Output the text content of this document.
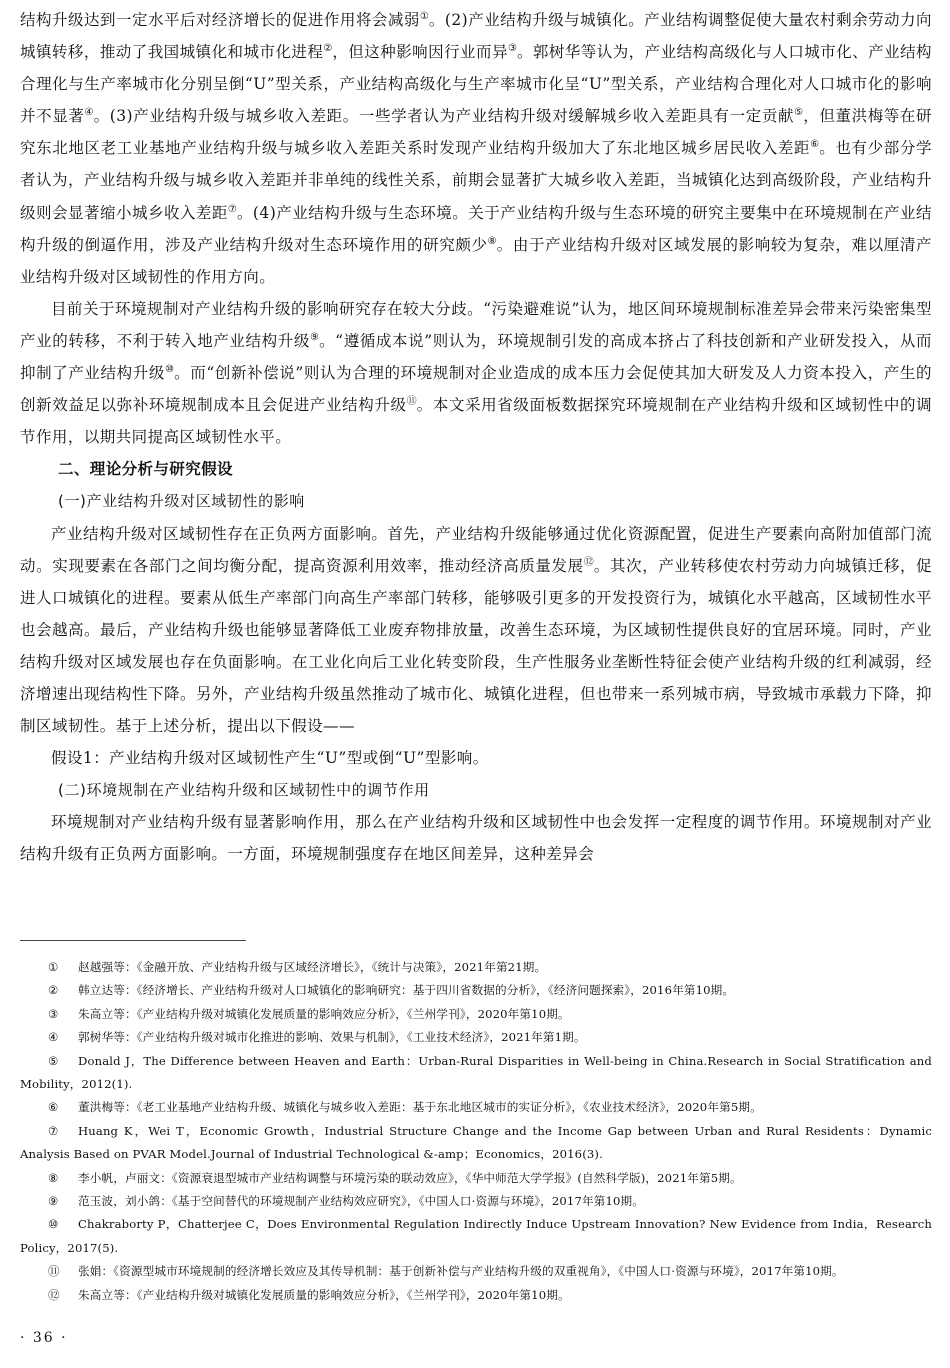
结构升级达到一定水平后对经济增长的促进作用将会减弱①。(2)产业结构升级与城镇化。产业结构调整促使大量农村剩余劳动力向城镇转移，推动了我国城镇化和城市化进程②，但这种影响因行业而异③。郭树华等认为，产业结构高级化与人口城市化、产业结构合理化与生产率城市化分别呈倒“U”型关系，产业结构高级化与生产率城市化呈“U”型关系，产业结构合理化对人口城市化的影响并不显著④。(3)产业结构升级与城乡收入差距。一些学者认为产业结构升级对缓解城乡收入差距具有一定贡献⑤，但董洪梅等在研究东北地区老工业基地产业结构升级与城乡收入差距关系时发现产业结构升级加大了东北地区城乡居民收入差距⑥。也有少部分学者认为，产业结构升级与城乡收入差距并非单纯的线性关系，前期会显著扩大城乡收入差距，当城镇化达到高级阶段，产业结构升级则会显著缩小城乡收入差距⑦。(4)产业结构升级与生态环境。关于产业结构升级与生态环境的研究主要集中在环境规制在产业结构升级的倒逼作用，涉及产业结构升级对生态环境作用的研究颇少⑧。由于产业结构升级对区域发展的影响较为复杂，难以厘清产业结构升级对区域韧性的作用方向。

目前关于环境规制对产业结构升级的影响研究存在较大分歧。“污染避难说”认为，地区间环境规制标准差异会带来污染密集型产业的转移，不利于转入地产业结构升级⑨。“遵循成本说”则认为，环境规制引发的高成本挤占了科技创新和产业研发投入，从而抑制了产业结构升级⑩。而“创新补偿说”则认为合理的环境规制对企业造成的成本压力会促使其加大研发及人力资本投入，产生的创新效益足以弥补环境规制成本且会促进产业结构升级⑪。本文采用省级面板数据探究环境规制在产业结构升级和区域韧性中的调节作用，以期共同提高区域韧性水平。

二、理论分析与研究假设

(一)产业结构升级对区域韧性的影响

产业结构升级对区域韧性存在正负两方面影响。首先，产业结构升级能够通过优化资源配置，促进生产要素向高附加值部门流动。实现要素在各部门之间均衡分配，提高资源利用效率，推动经济高质量发展⑫。其次，产业转移使农村劳动力向城镇迁移，促进人口城镇化的进程。要素从低生产率部门向高生产率部门转移，能够吸引更多的开发投资行为，城镇化水平越高，区域韧性水平也会越高。最后，产业结构升级也能够显著降低工业废弃物排放量，改善生态环境，为区域韧性提供良好的宜居环境。同时，产业结构升级对区域发展也存在负面影响。在工业化向后工业化转变阶段，生产性服务业垄断性特征会使产业结构升级的红利减弱，经济增速出现结构性下降。另外，产业结构升级虽然推动了城市化、城镇化进程，但也带来一系列城市病，导致城市承载力下降，抑制区域韧性。基于上述分析，提出以下假设——

假设1：产业结构升级对区域韧性产生“U”型或倒“U”型影响。

(二)环境规制在产业结构升级和区域韧性中的调节作用

环境规制对产业结构升级有显著影响作用，那么在产业结构升级和区域韧性中也会发挥一定程度的调节作用。环境规制对产业结构升级有正负两方面影响。一方面，环境规制强度存在地区间差异，这种差异会

① 赵越强等：《金融开放、产业结构升级与区域经济增长》，《统计与决策》，2021年第21期。

② 韩立达等：《经济增长、产业结构升级对人口城镇化的影响研究：基于四川省数据的分析》，《经济问题探索》，2016年第10期。

③ 朱高立等：《产业结构升级对城镇化发展质量的影响效应分析》，《兰州学刊》，2020年第10期。

④ 郭树华等：《产业结构升级对城市化推进的影响、效果与机制》，《工业技术经济》，2021年第1期。

⑤ Donald J，The Difference between Heaven and Earth：Urban-Rural Disparities in Well-being in China.Research in Social Stratification and Mobility，2012(1).

⑥ 董洪梅等：《老工业基地产业结构升级、城镇化与城乡收入差距：基于东北地区城市的实证分析》，《农业技术经济》，2020年第5期。

⑦ Huang K，Wei T，Economic Growth，Industrial Structure Change and the Income Gap between Urban and Rural Residents：Dynamic Analysis Based on PVAR Model.Journal of Industrial Technological &-amp；Economics，2016(3).

⑧ 李小帆，卢丽文：《资源衰退型城市产业结构调整与环境污染的联动效应》，《华中师范大学学报》(自然科学版)，2021年第5期。

⑨ 范玉波，刘小鸽：《基于空间替代的环境规制产业结构效应研究》，《中国人口·资源与环境》，2017年第10期。

⑩ Chakraborty P，Chatterjee C，Does Environmental Regulation Indirectly Induce Upstream Innovation? New Evidence from India，Research Policy，2017(5).

⑪ 张娟：《资源型城市环境规制的经济增长效应及其传导机制：基于创新补偿与产业结构升级的双重视角》，《中国人口·资源与环境》，2017年第10期。

⑫ 朱高立等：《产业结构升级对城镇化发展质量的影响效应分析》，《兰州学刊》，2020年第10期。

· 36 ·
